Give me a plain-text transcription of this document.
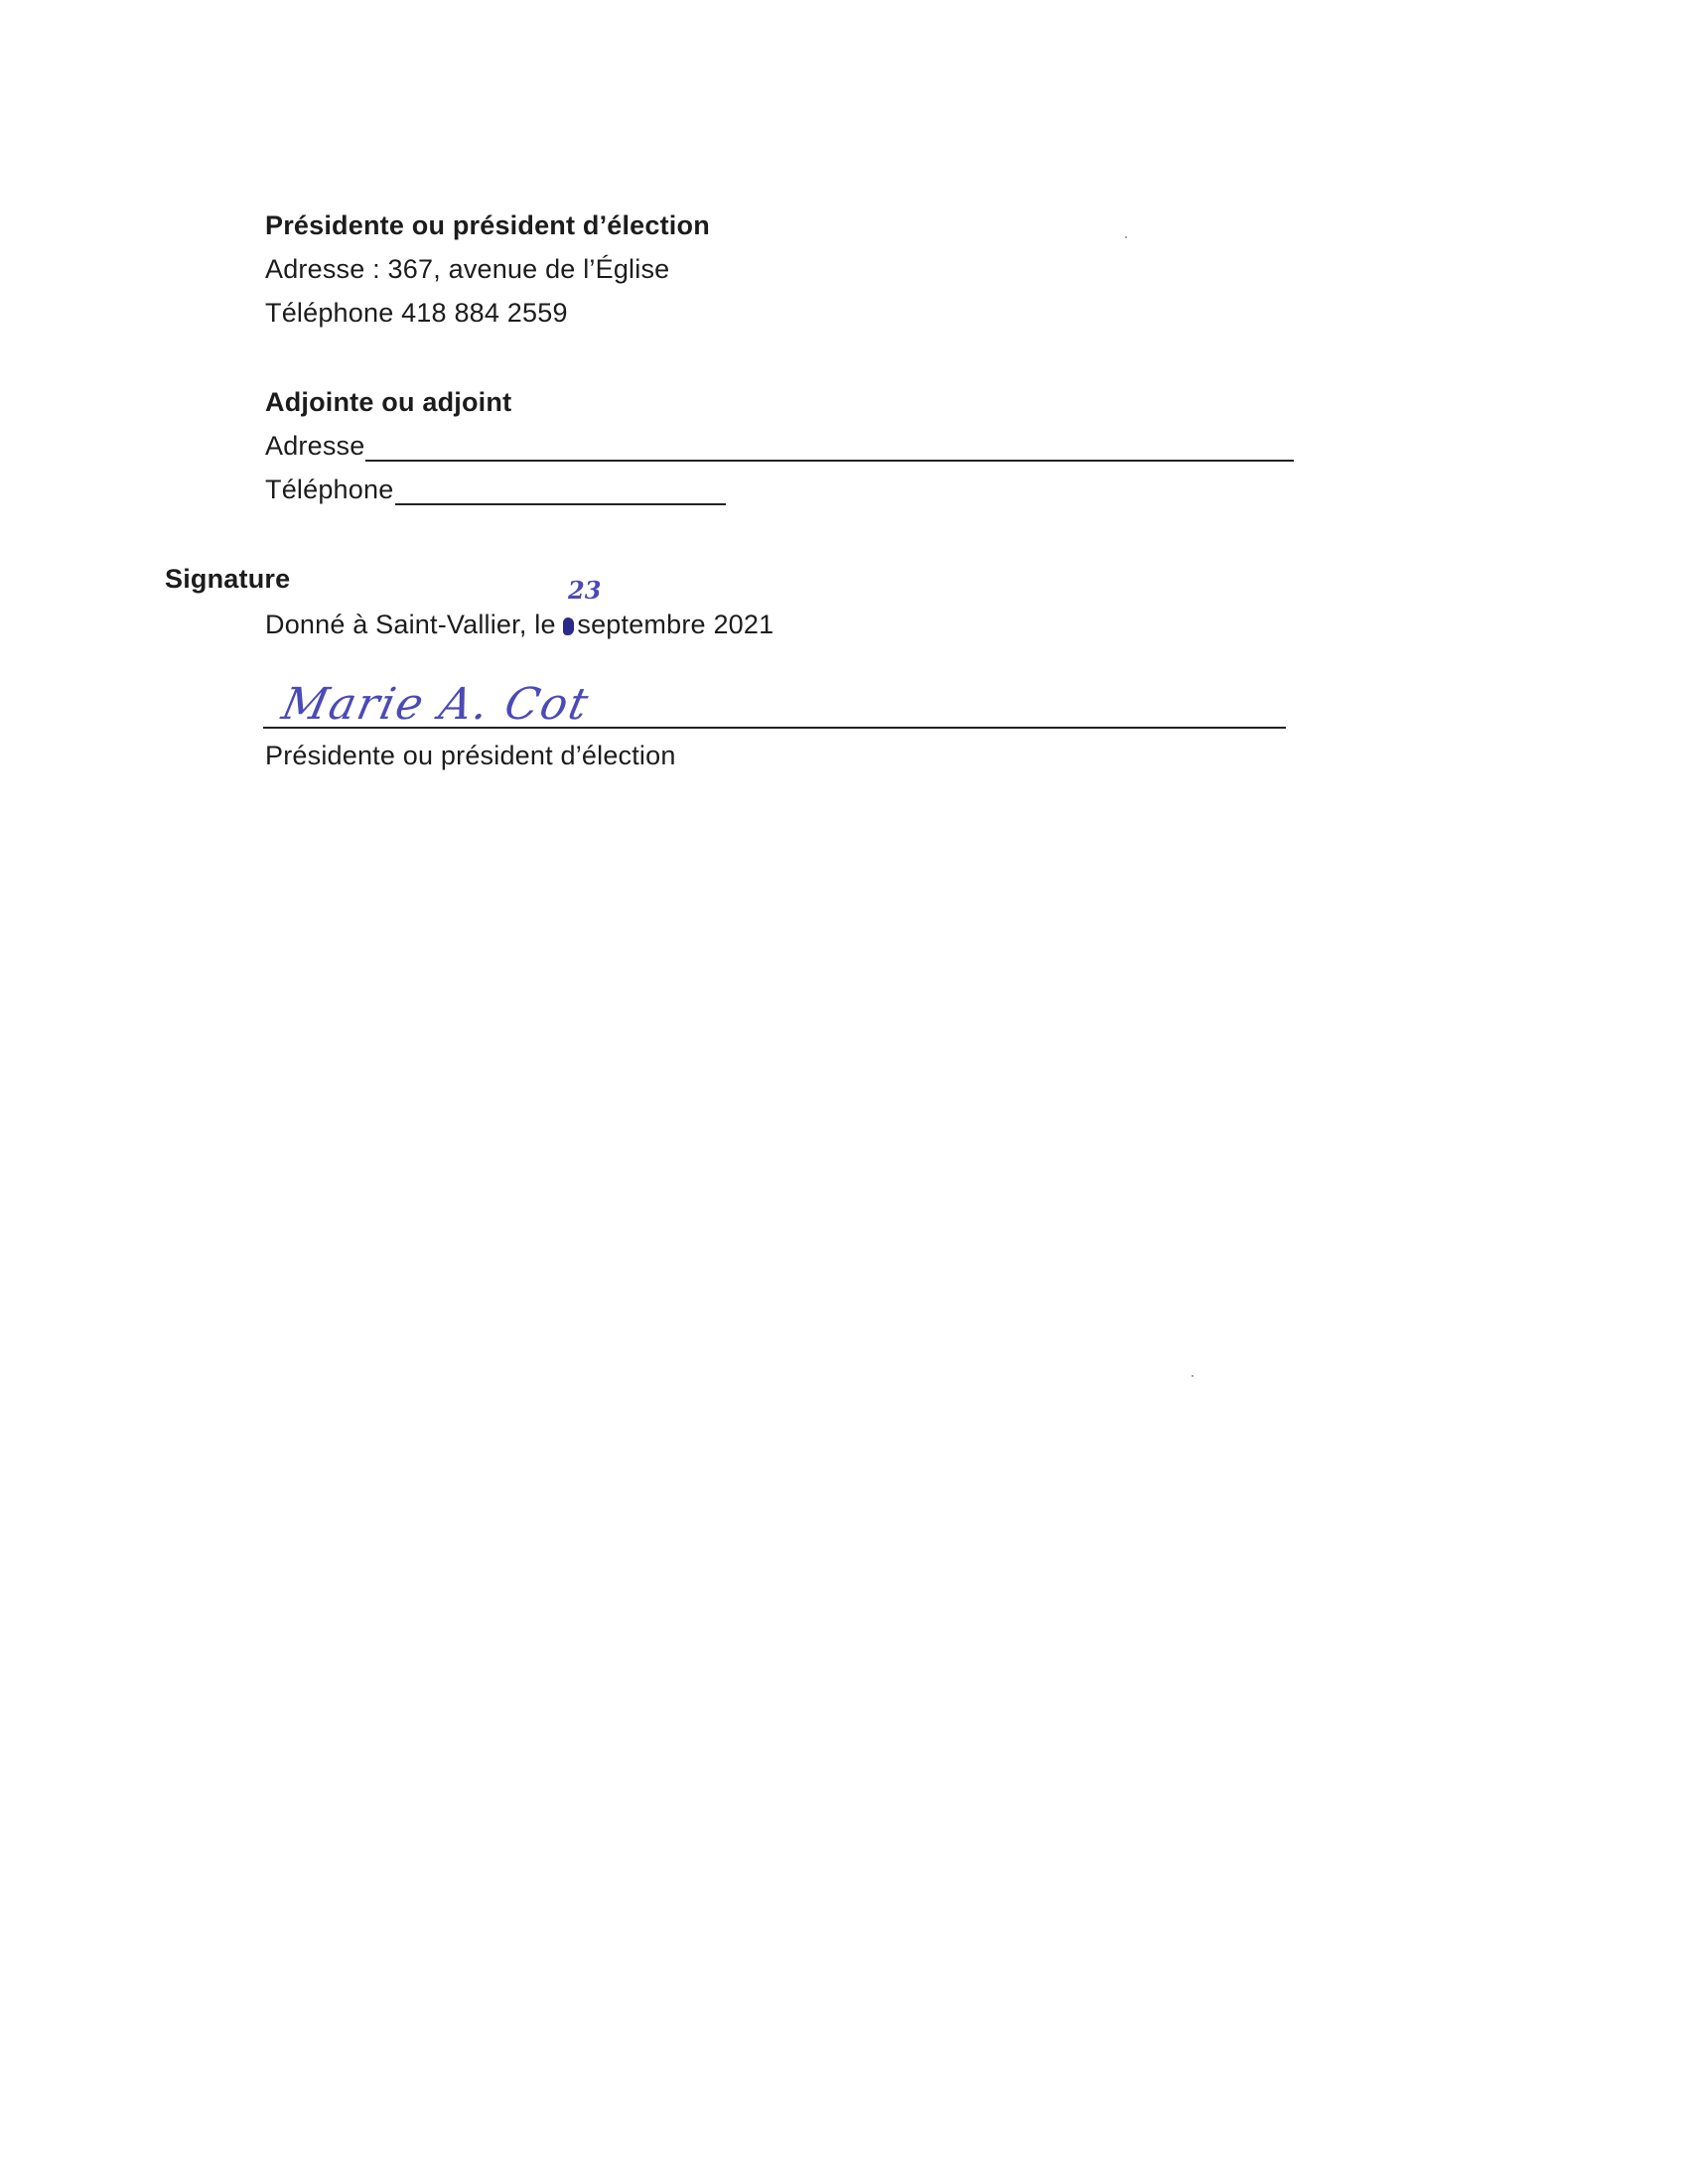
Présidente ou président d’élection
Adresse : 367, avenue de l’Église
Téléphone 418 884 2559
Adjointe ou adjoint
Adresse
Téléphone
Signature	23
Donné à Saint-Vallier, le septembre 2021
Marie A. Cot
Présidente ou président d’élection
